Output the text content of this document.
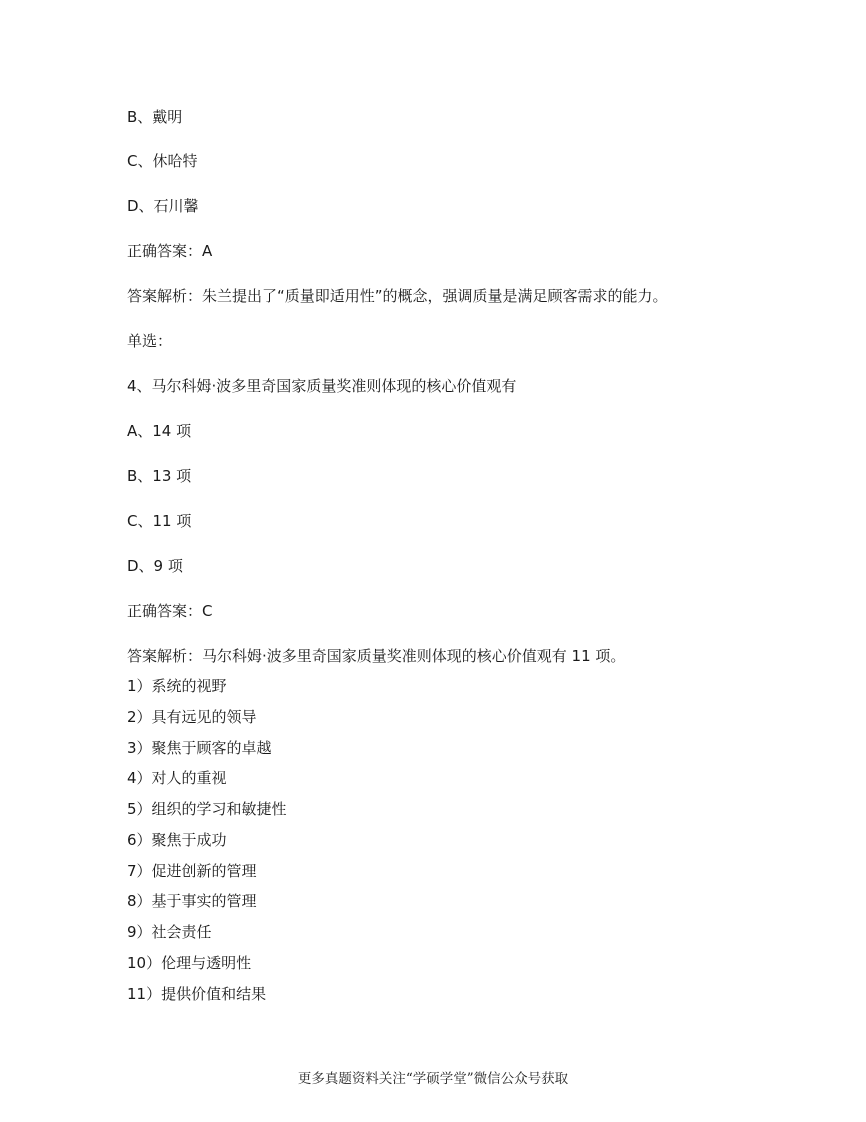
B、戴明
C、休哈特
D、石川馨
正确答案：A
答案解析：朱兰提出了“质量即适用性”的概念，强调质量是满足顾客需求的能力。
单选：
4、马尔科姆·波多里奇国家质量奖准则体现的核心价值观有
A、14 项
B、13 项
C、11 项
D、9 项
正确答案：C
答案解析：马尔科姆·波多里奇国家质量奖准则体现的核心价值观有 11 项。
1）系统的视野
2）具有远见的领导
3）聚焦于顾客的卓越
4）对人的重视
5）组织的学习和敏捷性
6）聚焦于成功
7）促进创新的管理
8）基于事实的管理
9）社会责任
10）伦理与透明性
11）提供价值和结果
更多真题资料关注“学硕学堂”微信公众号获取
